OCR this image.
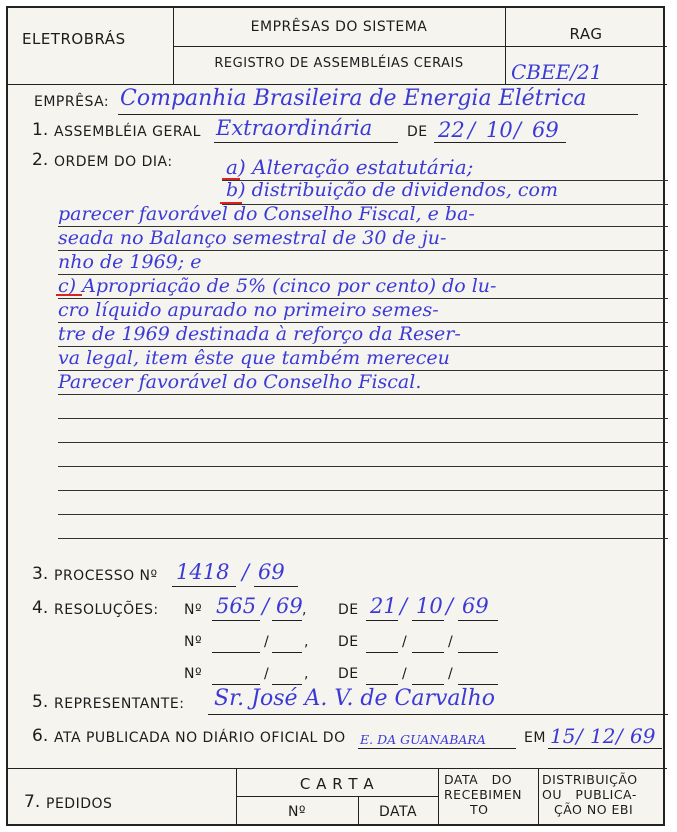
ELETROBRÁS
EMPRÊSAS DO SISTEMA
REGISTRO DE ASSEMBLÉIAS CERAIS
RAG
CBEE/21
EMPRÊSA: Companhia Brasileira de Energia Elétrica
1. ASSEMBLÉIA GERAL Extraordinária DE 22 / 10 / 69
2. ORDEM DO DIA:	a) Alteração estatutária;
b) distribuição de dividendos, com
parecer favorável do Conselho Fiscal, e ba-
seada no Balanço semestral de 30 de ju-
nho de 1969; e
c) Apropriação de 5% (cinco por cento) do lu-
cro líquido apurado no primeiro semes-
tre de 1969 destinada à reforço da Reser-
va legal, item êste que também mereceu
Parecer favorável do Conselho Fiscal.
3. PROCESSO Nº 1418 / 69
4. RESOLUÇÕES: Nº 565 / 69 , DE 21 / 10 / 69
Nº	/ , DE	/	/
Nº	/ , DE	/	/
5. REPRESENTANTE: Sr. José A. V. de Carvalho
6. ATA PUBLICADA NO DIÁRIO OFICIAL DO E. DA GUANABARA	EM 15 / 12 / 69
7. PEDIDOS
C A R T A
Nº	DATA
DATA   DO
RECEBIMEN
TO
DISTRIBUIÇÃO
OU   PUBLICA-
ÇÃO NO EBI
